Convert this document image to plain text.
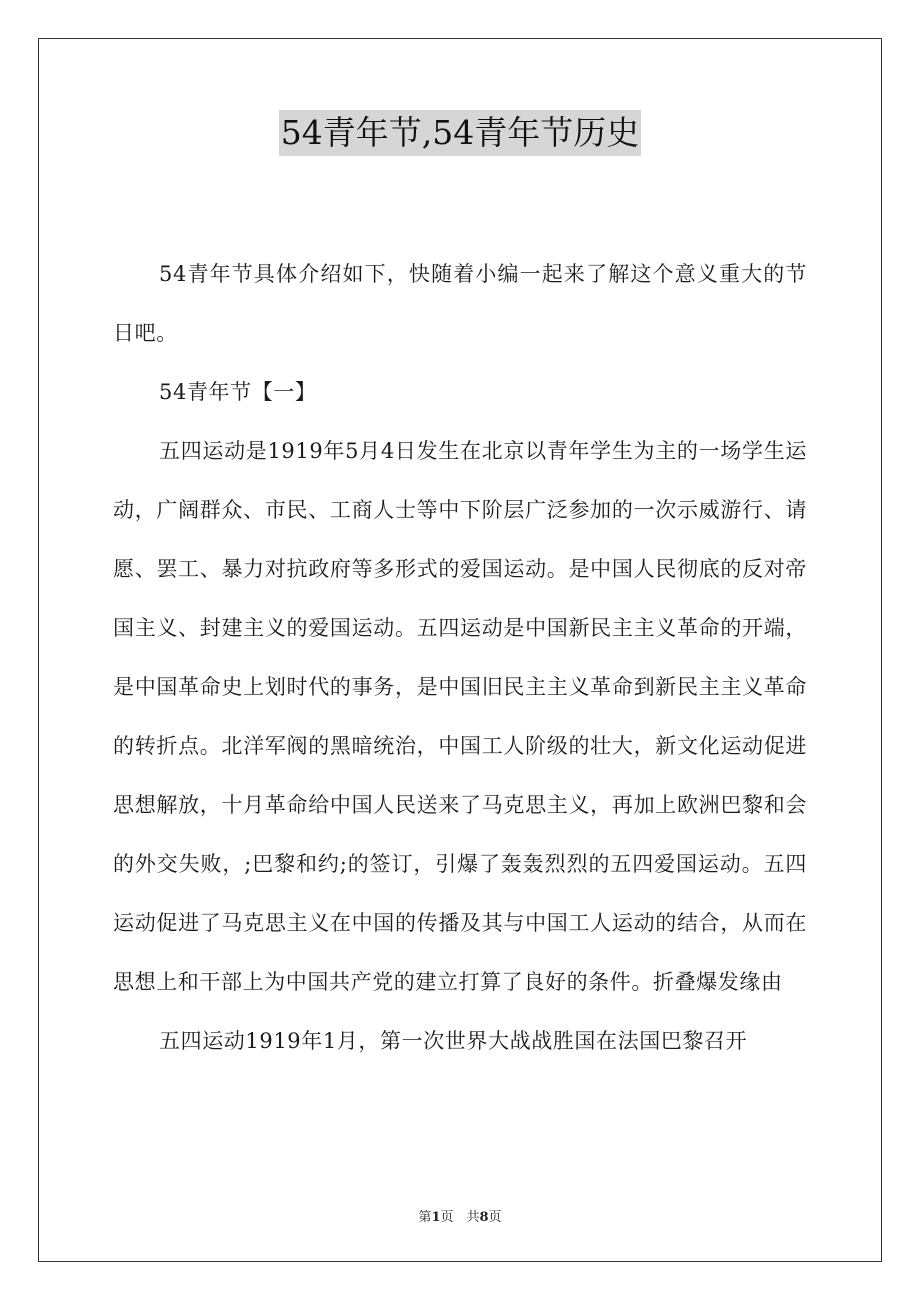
54青年节,54青年节历史

54青年节具体介绍如下，快随着小编一起来了解这个意义重大的节日吧。

54青年节【一】

五四运动是1919年5月4日发生在北京以青年学生为主的一场学生运动，广阔群众、市民、工商人士等中下阶层广泛参加的一次示威游行、请愿、罢工、暴力对抗政府等多形式的爱国运动。是中国人民彻底的反对帝国主义、封建主义的爱国运动。五四运动是中国新民主主义革命的开端，是中国革命史上划时代的事务，是中国旧民主主义革命到新民主主义革命的转折点。北洋军阀的黑暗统治，中国工人阶级的壮大，新文化运动促进思想解放，十月革命给中国人民送来了马克思主义，再加上欧洲巴黎和会的外交失败，;巴黎和约;的签订，引爆了轰轰烈烈的五四爱国运动。五四运动促进了马克思主义在中国的传播及其与中国工人运动的结合，从而在思想上和干部上为中国共产党的建立打算了良好的条件。折叠爆发缘由

五四运动1919年1月，第一次世界大战战胜国在法国巴黎召开

第1页　共8页
